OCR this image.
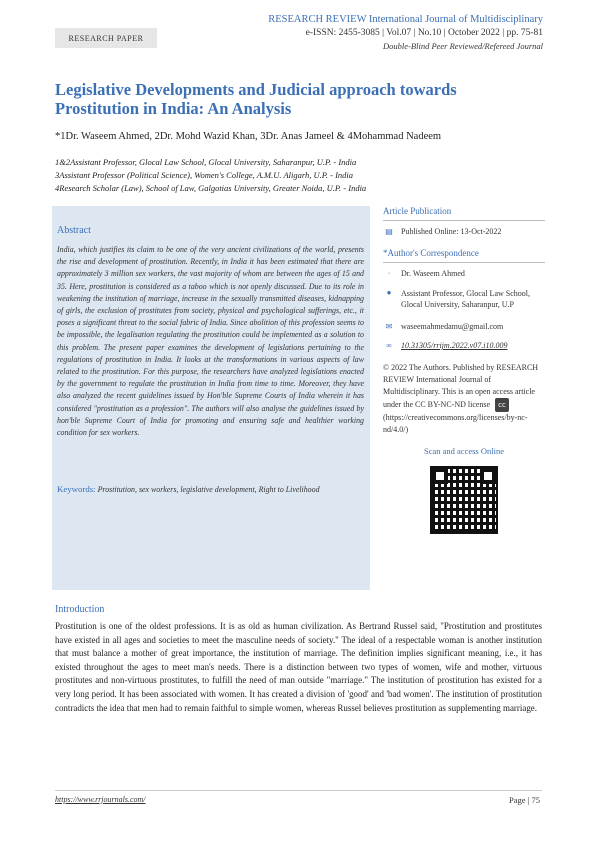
RESEARCH PAPER
RESEARCH REVIEW International Journal of Multidisciplinary
e-ISSN: 2455-3085 | Vol.07 | No.10 | October 2022 | pp. 75-81
Double-Blind Peer Reviewed/Refereed Journal
Legislative Developments and Judicial approach towards
Prostitution in India: An Analysis
*1Dr. Waseem Ahmed, 2Dr. Mohd Wazid Khan, 3Dr. Anas Jameel & 4Mohammad Nadeem
1&2Assistant Professor, Glocal Law School, Glocal University, Saharanpur, U.P. - India
3Assistant Professor (Political Science), Women's College, A.M.U. Aligarh, U.P. - India
4Research Scholar (Law), School of Law, Galgotias University, Greater Noida, U.P. - India
Abstract
India, which justifies its claim to be one of the very ancient civilizations of the world, presents the rise and development of prostitution. Recently, in India it has been estimated that there are approximately 3 million sex workers, the vast majority of whom are between the ages of 15 and 35. Here, prostitution is considered as a taboo which is not openly discussed. Due to its role in weakening the institution of marriage, increase in the sexually transmitted diseases, kidnapping of girls, the exclusion of prostitutes from society, physical and psychological sufferings, etc., it poses a significant threat to the social fabric of India. Since abolition of this profession seems to be impossible, the legalisation regulating the prostitution could be implemented as a solution to this problem. The present paper examines the development of legislations pertaining to the regulations of prostitution in India. It looks at the transformations in various aspects of law related to the prostitution. For this purpose, the researchers have analyzed legislations enacted by the government to regulate the prostitution in India from time to time. Moreover, they have also analyzed the recent guidelines issued by Hon'ble Supreme Courts of India wherein it has considered "prostitution as a profession". The authors will also analyse the guidelines issued by hon'ble Supreme Court of India for promoting and ensuring safe and healthier working condition for sex workers.
Keywords: Prostitution, sex workers, legislative development, Right to Livelihood
Article Publication
▤ Published Online: 13-Oct-2022
*Author's Correspondence
⋅	Dr. Waseem Ahmed
●	Assistant Professor, Glocal Law School, Glocal University, Saharanpur, U.P
✉	waseemahmedamu@gmail.com
∞	10.31305/rrijm.2022.v07.i10.009
© 2022 The Authors. Published by RESEARCH REVIEW International Journal of Multidisciplinary. This is an open access article under the CC BY-NC-ND license cc
(https://creativecommons.org/licenses/by-nc-nd/4.0/)
Scan and access Online
Introduction
Prostitution is one of the oldest professions. It is as old as human civilization. As Bertrand Russel said, "Prostitution and prostitutes have existed in all ages and societies to meet the masculine needs of society." The ideal of a respectable woman is another institution that must balance a mother of great importance, the institution of marriage. The definition implies significant meaning, i.e., it has existed throughout the ages to meet man's needs. There is a distinction between two types of women, wife and mother, virtuous prostitutes and non-virtuous prostitutes, to fulfill the need of man outside "marriage." The institution of prostitution has existed for a very long period. It has been associated with women. It has created a division of 'good' and 'bad women'. The institution of prostitution contradicts the idea that men had to remain faithful to simple women, whereas Russel believes prostitution as supplementing marriage.
https://www.rrjournals.com/	Page | 75
